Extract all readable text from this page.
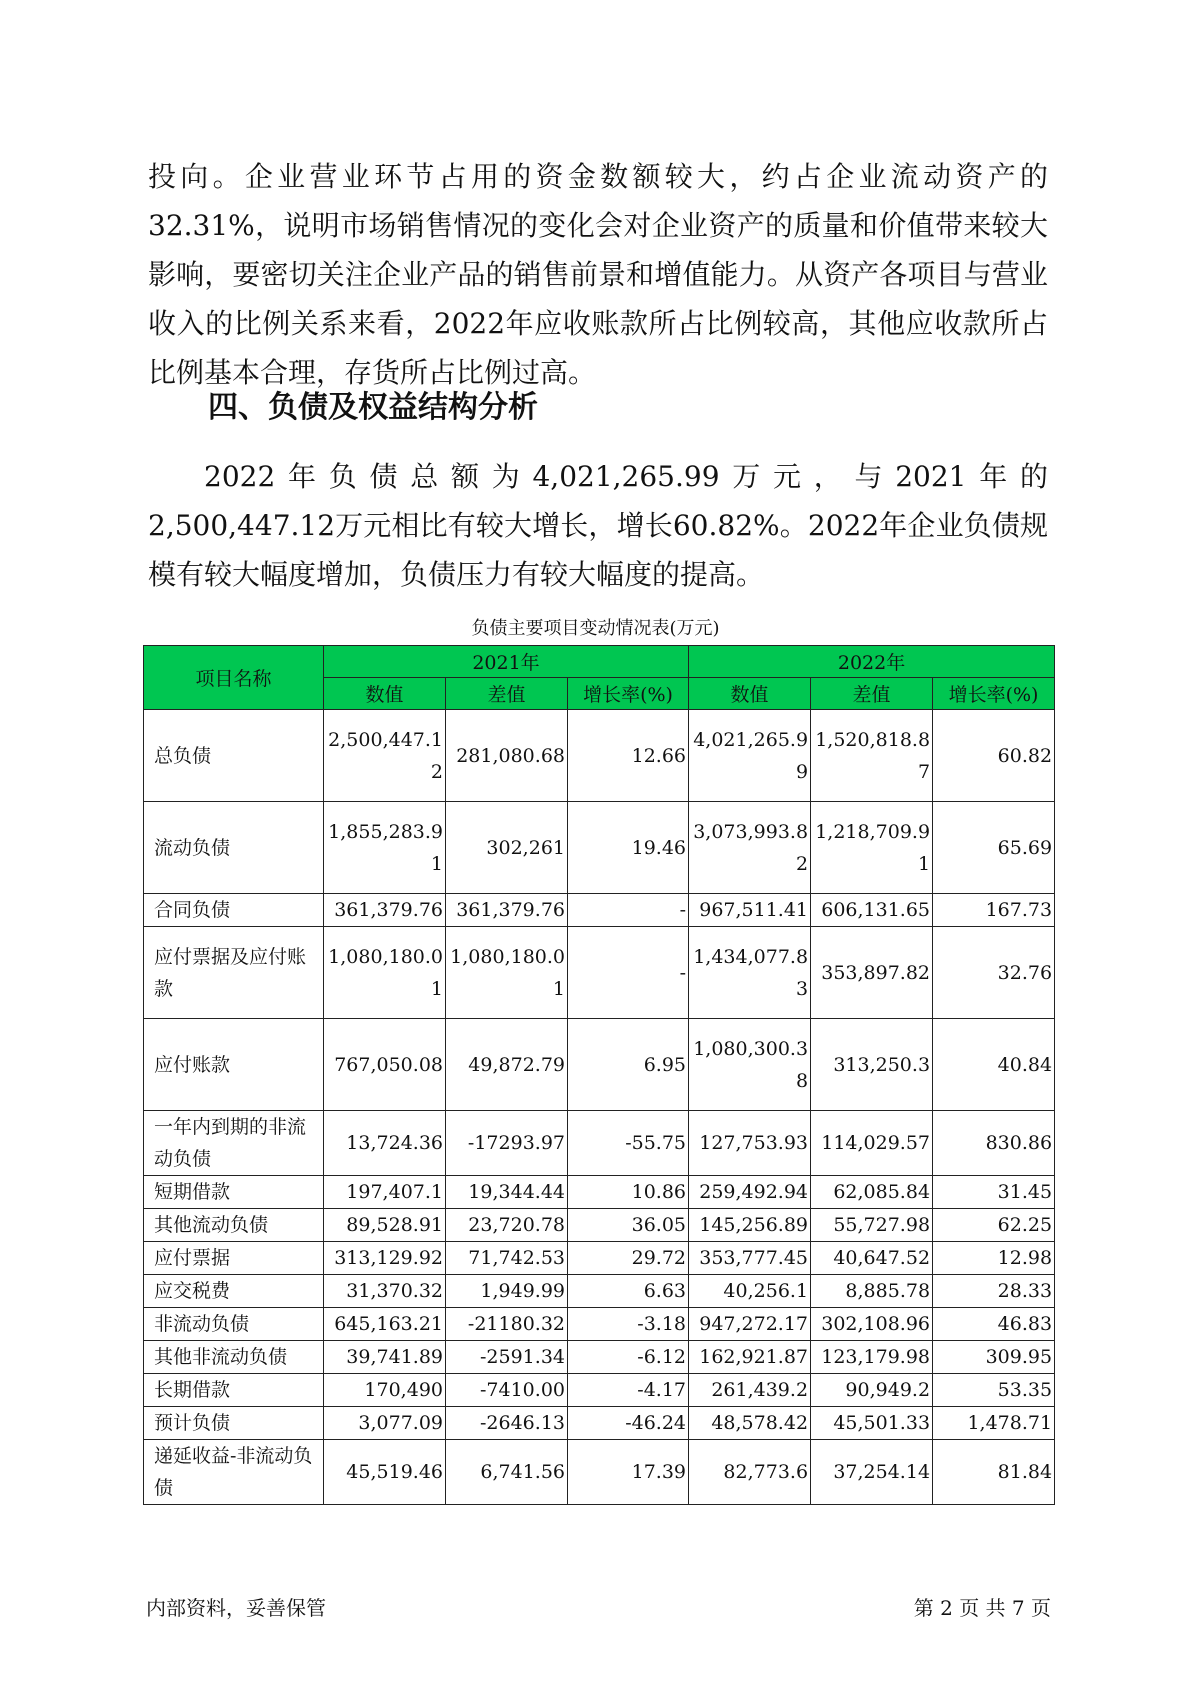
投向。企业营业环节占用的资金数额较大，约占企业流动资产的32.31%，说明市场销售情况的变化会对企业资产的质量和价值带来较大影响，要密切关注企业产品的销售前景和增值能力。从资产各项目与营业收入的比例关系来看，2022年应收账款所占比例较高，其他应收款所占比例基本合理，存货所占比例过高。

四、负债及权益结构分析

2022年负债总额为4,021,265.99万元，与2021年的2,500,447.12万元相比有较大增长，增长60.82%。2022年企业负债规模有较大幅度增加，负债压力有较大幅度的提高。

负债主要项目变动情况表(万元)
项目名称	2021年			2022年		
	数值	差值	增长率(%)	数值	差值	增长率(%)
总负债	2,500,447.12	281,080.68	12.66	4,021,265.99	1,520,818.87	60.82
流动负债	1,855,283.91	302,261	19.46	3,073,993.82	1,218,709.91	65.69
合同负债	361,379.76	361,379.76	-	967,511.41	606,131.65	167.73
应付票据及应付账款	1,080,180.01	1,080,180.01	-	1,434,077.83	353,897.82	32.76
应付账款	767,050.08	49,872.79	6.95	1,080,300.38	313,250.3	40.84
一年内到期的非流动负债	13,724.36	-17293.97	-55.75	127,753.93	114,029.57	830.86
短期借款	197,407.1	19,344.44	10.86	259,492.94	62,085.84	31.45
其他流动负债	89,528.91	23,720.78	36.05	145,256.89	55,727.98	62.25
应付票据	313,129.92	71,742.53	29.72	353,777.45	40,647.52	12.98
应交税费	31,370.32	1,949.99	6.63	40,256.1	8,885.78	28.33
非流动负债	645,163.21	-21180.32	-3.18	947,272.17	302,108.96	46.83
其他非流动负债	39,741.89	-2591.34	-6.12	162,921.87	123,179.98	309.95
长期借款	170,490	-7410.00	-4.17	261,439.2	90,949.2	53.35
预计负债	3,077.09	-2646.13	-46.24	48,578.42	45,501.33	1,478.71
递延收益-非流动负债	45,519.46	6,741.56	17.39	82,773.6	37,254.14	81.84
内部资料，妥善保管	第 2 页 共 7 页
